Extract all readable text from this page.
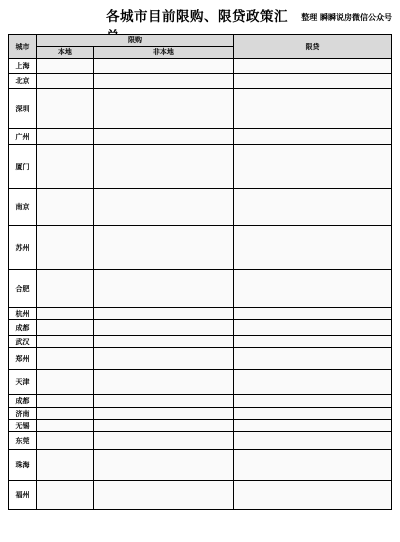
各城市目前限购、限贷政策汇	整理 瞬瞬说房微信公众号
城市
限购
本地	非本地
限贷
上海
北京
深圳
广州
厦门
南京
苏州
合肥
杭州
成都
武汉
郑州
天津
成都
济南
无锡
东莞
珠海
福州
